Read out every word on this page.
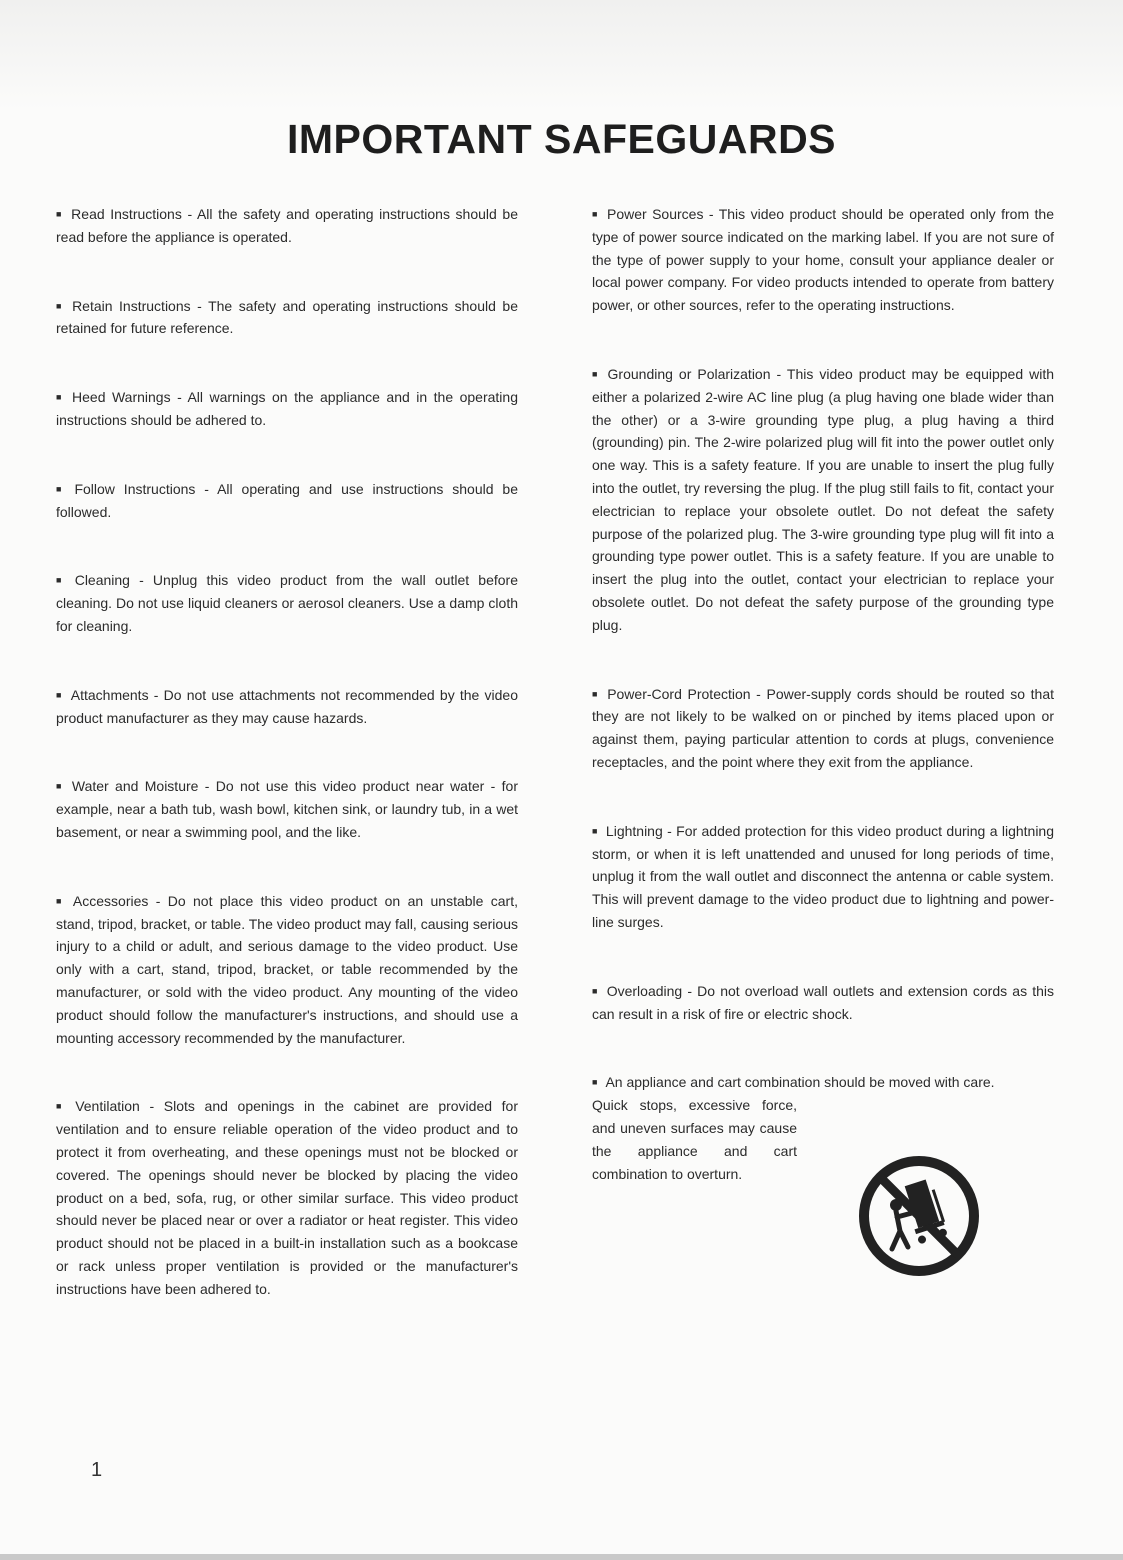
IMPORTANT SAFEGUARDS

■ Read Instructions - All the safety and operating instructions should be read before the appliance is operated.

■ Retain Instructions - The safety and operating instructions should be retained for future reference.

■ Heed Warnings - All warnings on the appliance and in the operating instructions should be adhered to.

■ Follow Instructions - All operating and use instructions should be followed.

■ Cleaning - Unplug this video product from the wall outlet before cleaning. Do not use liquid cleaners or aerosol cleaners. Use a damp cloth for cleaning.

■ Attachments - Do not use attachments not recommended by the video product manufacturer as they may cause hazards.

■ Water and Moisture - Do not use this video product near water - for example, near a bath tub, wash bowl, kitchen sink, or laundry tub, in a wet basement, or near a swimming pool, and the like.

■ Accessories - Do not place this video product on an unstable cart, stand, tripod, bracket, or table. The video product may fall, causing serious injury to a child or adult, and serious damage to the video product. Use only with a cart, stand, tripod, bracket, or table recommended by the manufacturer, or sold with the video product. Any mounting of the video product should follow the manufacturer's instructions, and should use a mounting accessory recommended by the manufacturer.

■ Ventilation - Slots and openings in the cabinet are provided for ventilation and to ensure reliable operation of the video product and to protect it from overheating, and these openings must not be blocked or covered. The openings should never be blocked by placing the video product on a bed, sofa, rug, or other similar surface. This video product should never be placed near or over a radiator or heat register. This video product should not be placed in a built-in installation such as a bookcase or rack unless proper ventilation is provided or the manufacturer's instructions have been adhered to.

■ Power Sources - This video product should be operated only from the type of power source indicated on the marking label. If you are not sure of the type of power supply to your home, consult your appliance dealer or local power company. For video products intended to operate from battery power, or other sources, refer to the operating instructions.

■ Grounding or Polarization - This video product may be equipped with either a polarized 2-wire AC line plug (a plug having one blade wider than the other) or a 3-wire grounding type plug, a plug having a third (grounding) pin. The 2-wire polarized plug will fit into the power outlet only one way. This is a safety feature. If you are unable to insert the plug fully into the outlet, try reversing the plug. If the plug still fails to fit, contact your electrician to replace your obsolete outlet. Do not defeat the safety purpose of the polarized plug. The 3-wire grounding type plug will fit into a grounding type power outlet. This is a safety feature. If you are unable to insert the plug into the outlet, contact your electrician to replace your obsolete outlet. Do not defeat the safety purpose of the grounding type plug.

■ Power-Cord Protection - Power-supply cords should be routed so that they are not likely to be walked on or pinched by items placed upon or against them, paying particular attention to cords at plugs, convenience receptacles, and the point where they exit from the appliance.

■ Lightning - For added protection for this video product during a lightning storm, or when it is left unattended and unused for long periods of time, unplug it from the wall outlet and disconnect the antenna or cable system. This will prevent damage to the video product due to lightning and power-line surges.

■ Overloading - Do not overload wall outlets and extension cords as this can result in a risk of fire or electric shock.

■ An appliance and cart combination should be moved with care.

Quick stops, excessive force, and uneven surfaces may cause the appliance and cart combination to overturn.

1
